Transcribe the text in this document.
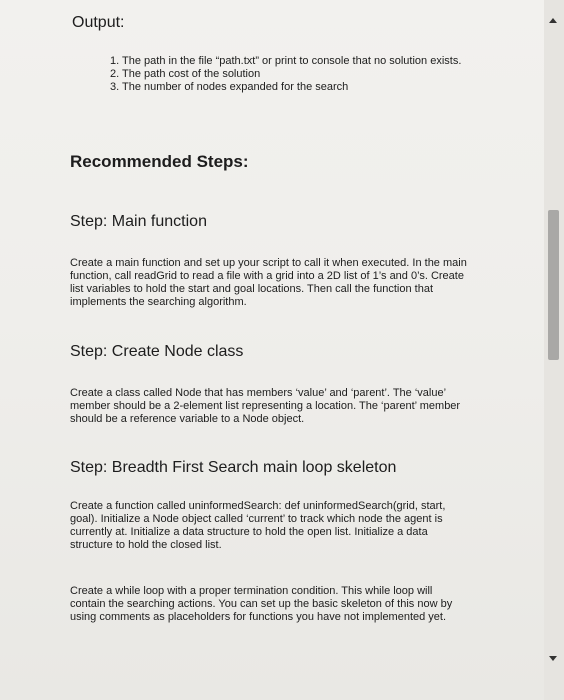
Output:
1. The path in the file “path.txt” or print to console that no solution exists.
2. The path cost of the solution
3. The number of nodes expanded for the search
Recommended Steps:
Step: Main function

Create a main function and set up your script to call it when executed. In the main function, call readGrid to read a file with a grid into a 2D list of 1’s and 0’s. Create list variables to hold the start and goal locations. Then call the function that implements the searching algorithm.

Step: Create Node class

Create a class called Node that has members ‘value’ and ‘parent’. The ‘value’ member should be a 2-element list representing a location. The ‘parent’ member should be a reference variable to a Node object.

Step: Breadth First Search main loop skeleton

Create a function called uninformedSearch: def uninformedSearch(grid, start, goal). Initialize a Node object called ‘current’ to track which node the agent is currently at. Initialize a data structure to hold the open list. Initialize a data structure to hold the closed list.

Create a while loop with a proper termination condition. This while loop will contain the searching actions. You can set up the basic skeleton of this now by using comments as placeholders for functions you have not implemented yet.
